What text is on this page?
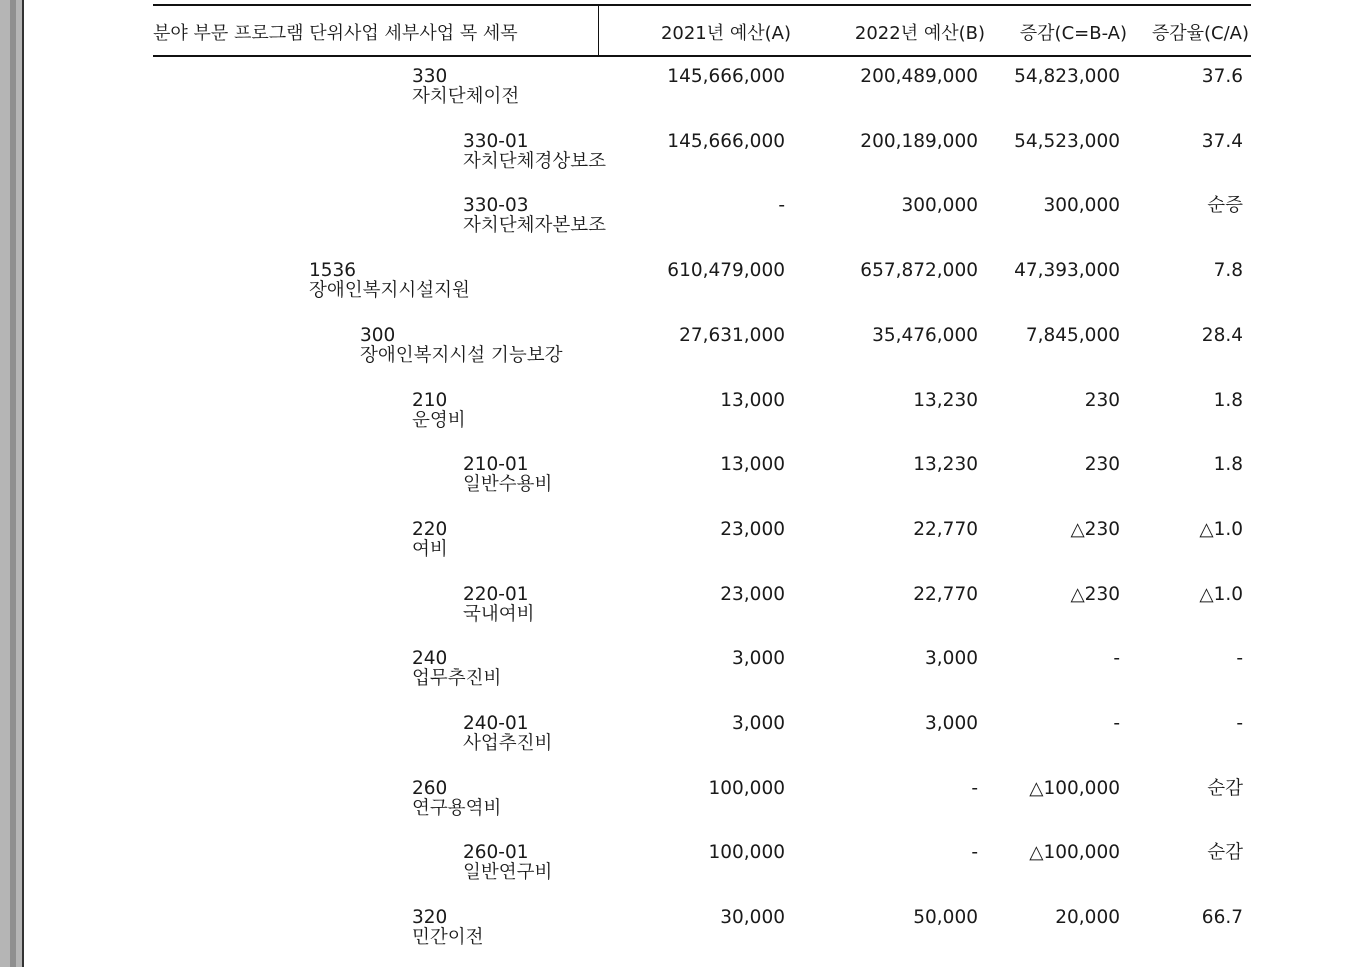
분야 부문 프로그램 단위사업 세부사업 목 세목	2021년 예산(A)	2022년 예산(B) 증감(C=B-A) 증감율(C/A)
330
자치단체이전
145,666,000	200,489,000 54,823,000	37.6
330-01
자치단체경상보조
145,666,000	200,189,000 54,523,000	37.4
330-03
자치단체자본보조
-	300,000	300,000	순증
1536
장애인복지시설지원
610,479,000	657,872,000 47,393,000	7.8
300
장애인복지시설 기능보강
27,631,000	35,476,000	7,845,000	28.4
210
운영비
13,000	13,230	230	1.8
210-01
일반수용비
13,000	13,230	230	1.8
220
여비
23,000	22,770	△230	△1.0
220-01
국내여비
23,000	22,770	△230	△1.0
240
업무추진비
3,000	3,000	-	-
240-01
사업추진비
3,000	3,000	-	-
260
연구용역비
100,000	-	△100,000	순감
260-01
일반연구비
100,000	-	△100,000	순감
320
민간이전
30,000	50,000	20,000	66.7
